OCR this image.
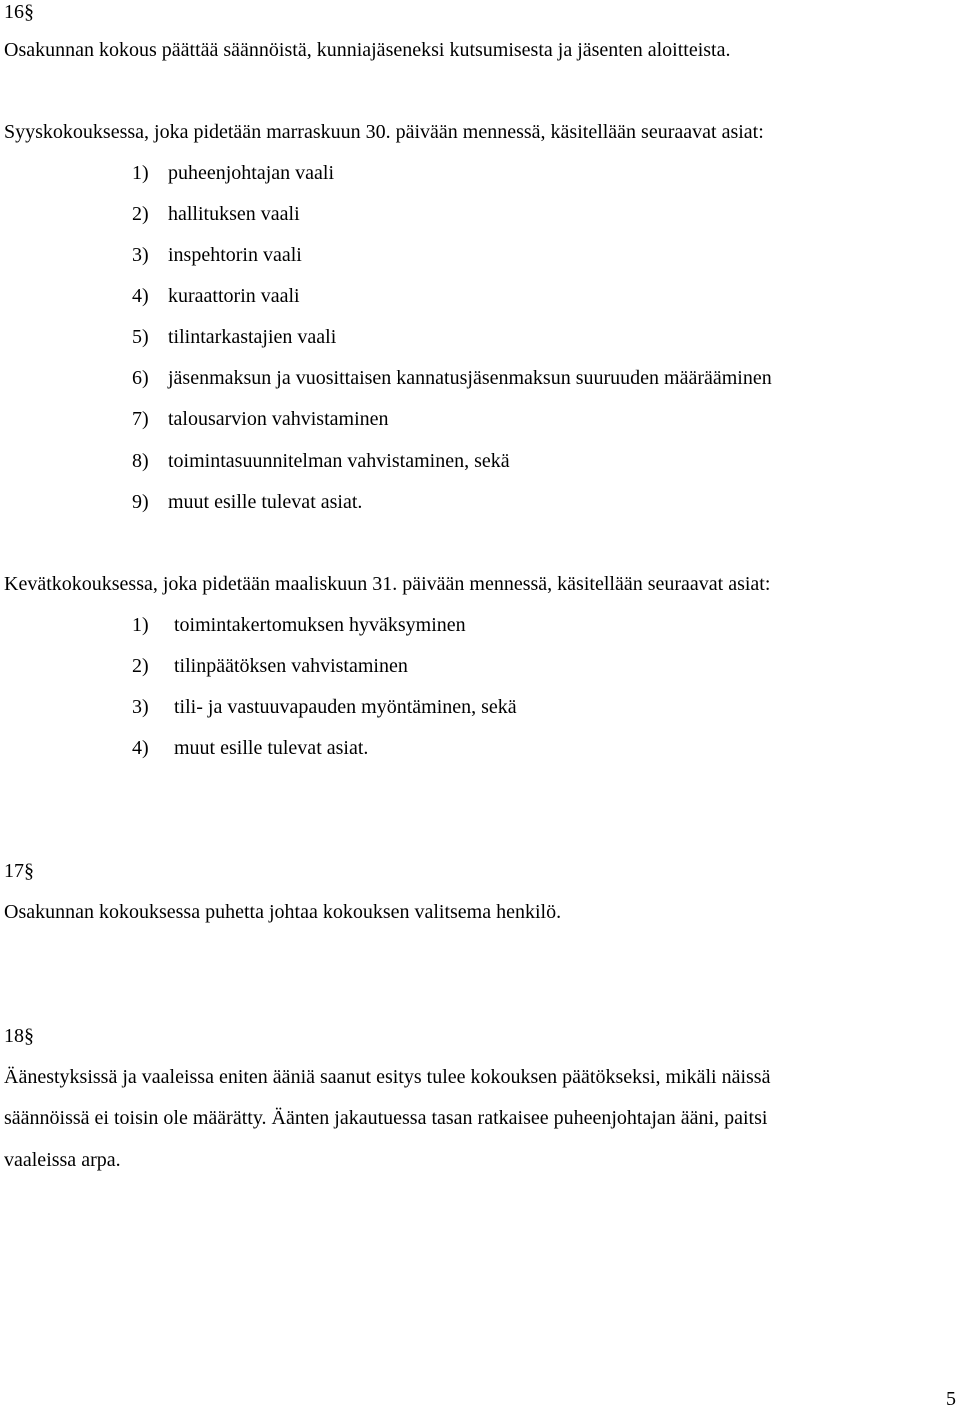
16§
Osakunnan kokous päättää säännöistä, kunniajäseneksi kutsumisesta ja jäsenten aloitteista.
Syyskokouksessa, joka pidetään marraskuun 30. päivään mennessä, käsitellään seuraavat asiat:
1) puheenjohtajan vaali
2) hallituksen vaali
3) inspehtorin vaali
4) kuraattorin vaali
5) tilintarkastajien vaali
6) jäsenmaksun ja vuosittaisen kannatusjäsenmaksun suuruuden määrääminen
7) talousarvion vahvistaminen
8) toimintasuunnitelman vahvistaminen, sekä
9) muut esille tulevat asiat.
Kevätkokouksessa, joka pidetään maaliskuun 31. päivään mennessä, käsitellään seuraavat asiat:
1) toimintakertomuksen hyväksyminen
2) tilinpäätöksen vahvistaminen
3) tili- ja vastuuvapauden myöntäminen, sekä
4) muut esille tulevat asiat.
17§
Osakunnan kokouksessa puhetta johtaa kokouksen valitsema henkilö.
18§
Äänestyksissä ja vaaleissa eniten ääniä saanut esitys tulee kokouksen päätökseksi, mikäli näissä
säännöissä ei toisin ole määrätty. Äänten jakautuessa tasan ratkaisee puheenjohtajan ääni, paitsi
vaaleissa arpa.
5
